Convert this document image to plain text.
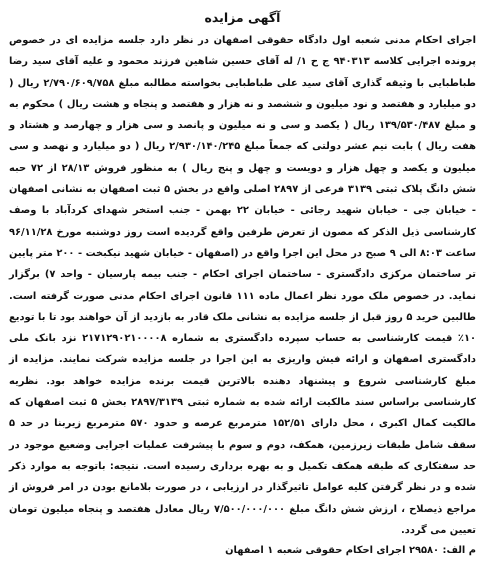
آگهی مزایده

اجرای احکام مدنی شعبه اول دادگاه حقوقی اصفهان در نظر دارد جلسه مزایده ای در خصوص پرونده اجرایی کلاسه ۹۴۰۳۱۳ ج ح ۱/ له آقای حسین شاهین فرزند محمود و علیه آقای سید رضا طباطبایی با وثیقه گذاری آقای سید علی طباطبایی بخواسته مطالبه مبلغ ۲/۷۹۰/۶۰۹/۷۵۸ ریال ( دو میلیارد و هفتصد و نود میلیون و ششصد و نه هزار و هفتصد و پنجاه و هشت ریال ) محکوم به و مبلغ ۱۳۹/۵۳۰/۴۸۷ ریال ( یکصد و سی و نه میلیون و پانصد و سی هزار و چهارصد و هشتاد و هفت ریال ) بابت نیم عشر دولتی که جمعاً مبلغ ۲/۹۳۰/۱۴۰/۲۴۵ ریال ( دو میلیارد و نهصد و سی میلیون و یکصد و چهل هزار و دویست و چهل و پنج ریال ) به منظور فروش ۲۸/۱۳ از ۷۲ حبه شش دانگ پلاک ثبتی ۳۱۳۹ فرعی از ۲۸۹۷ اصلی واقع در بخش ۵ ثبت اصفهان به نشانی اصفهان - خیابان جی - خیابان شهید رجائی - خیابان ۲۲ بهمن - جنب استخر شهدای کردآباد با وصف کارشناسی ذیل الذکر که مصون از تعرض طرفین واقع گردیده است روز دوشنبه مورخ ۹۶/۱۱/۲۸ ساعت ۸:۰۳ الی ۹ صبح در محل این اجرا واقع در (اصفهان - خیابان شهید نیکبخت - ۲۰۰ متر پایین تر ساختمان مرکزی دادگستری - ساختمان اجرای احکام - جنب بیمه پارسیان - واحد ۷) برگزار نماید. در خصوص ملک مورد نظر اعمال ماده ۱۱۱ قانون اجرای احکام مدنی صورت گرفته است. طالبین خرید ۵ روز قبل از جلسه مزایده به نشانی ملک قادر به بازدید از آن خواهند بود تا با تودیع ۱۰٪ قیمت کارشناسی به حساب سپرده دادگستری به شماره ۲۱۷۱۲۹۰۲۱۰۰۰۰۸ نزد بانک ملی دادگستری اصفهان و ارائه فیش واریزی به این اجرا در جلسه مزایده شرکت نمایند. مزایده از مبلغ کارشناسی شروع و پیشنهاد دهنده بالاترین قیمت برنده مزایده خواهد بود. نظریه کارشناسی براساس سند مالکیت ارائه شده به شماره ثبتی ۲۸۹۷/۳۱۳۹ بخش ۵ ثبت اصفهان که مالکیت کمال اکبری ، محل دارای ۱۵۲/۵۱ مترمربع عرصه و حدود ۵۷۰ مترمربع زیربنا در حد ۵ سقف شامل طبقات زیرزمین، همکف، دوم و سوم با پیشرفت عملیات اجرایی وضعیع موجود در حد سفتکاری که طبقه همکف تکمیل و به بهره برداری رسیده است. نتیجه: باتوجه به موارد ذکر شده و در نظر گرفتن کلیه عوامل تاثیرگذار در ارزیابی ، در صورت بلامانع بودن در امر فروش از مراجع ذیصلاح ، ارزش شش دانگ مبلغ ۷/۵۰۰/۰۰۰/۰۰۰ ریال معادل هفتصد و پنجاه میلیون تومان تعیین می گردد.

م الف: ۲۹۵۸۰ اجرای احکام حقوقی شعبه ۱ اصفهان
